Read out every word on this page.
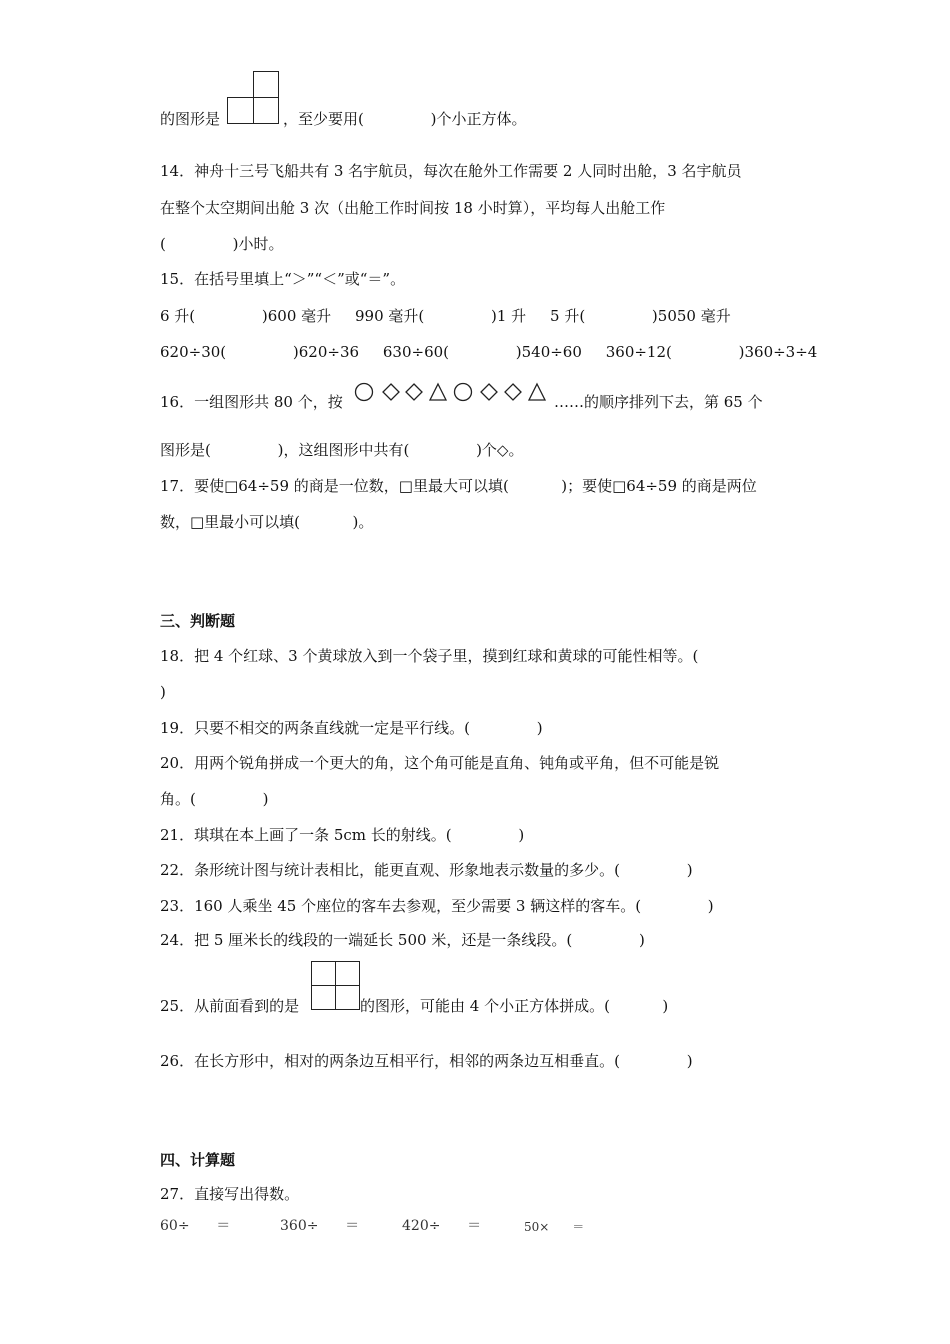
的图形是	，至少要用(              )个小正方体。
14．神舟十三号飞船共有 3 名宇航员，每次在舱外工作需要 2 人同时出舱，3 名宇航员
在整个太空期间出舱 3 次（出舱工作时间按 18 小时算），平均每人出舱工作
(              )小时。
15．在括号里填上“＞”“＜”或“＝”。
6 升(              )600 毫升     990 毫升(              )1 升     5 升(              )5050 毫升
620÷30(              )620÷36     630÷60(              )540÷60     360÷12(              )360÷3÷4
16．一组图形共 80 个，按	……的顺序排列下去，第 65 个
图形是(              )，这组图形中共有(              )个◇。
17．要使□64÷59 的商是一位数，□里最大可以填(           )；要使□64÷59 的商是两位
数，□里最小可以填(           )。
三、判断题
18．把 4 个红球、3 个黄球放入到一个袋子里，摸到红球和黄球的可能性相等。(
)
19．只要不相交的两条直线就一定是平行线。(              )
20．用两个锐角拼成一个更大的角，这个角可能是直角、钝角或平角，但不可能是锐
角。(              )
21．琪琪在本上画了一条 5cm 长的射线。(              )
22．条形统计图与统计表相比，能更直观、形象地表示数量的多少。(              )
23．160 人乘坐 45 个座位的客车去参观，至少需要 3 辆这样的客车。(              )
24．把 5 厘米长的线段的一端延长 500 米，还是一条线段。(              )
25．从前面看到的是	的图形，可能由 4 个小正方体拼成。(           )
26．在长方形中，相对的两条边互相平行，相邻的两条边互相垂直。(              )
四、计算题
27．直接写出得数。
60÷      ＝	360÷      ＝	420÷      ＝	50×      ＝
